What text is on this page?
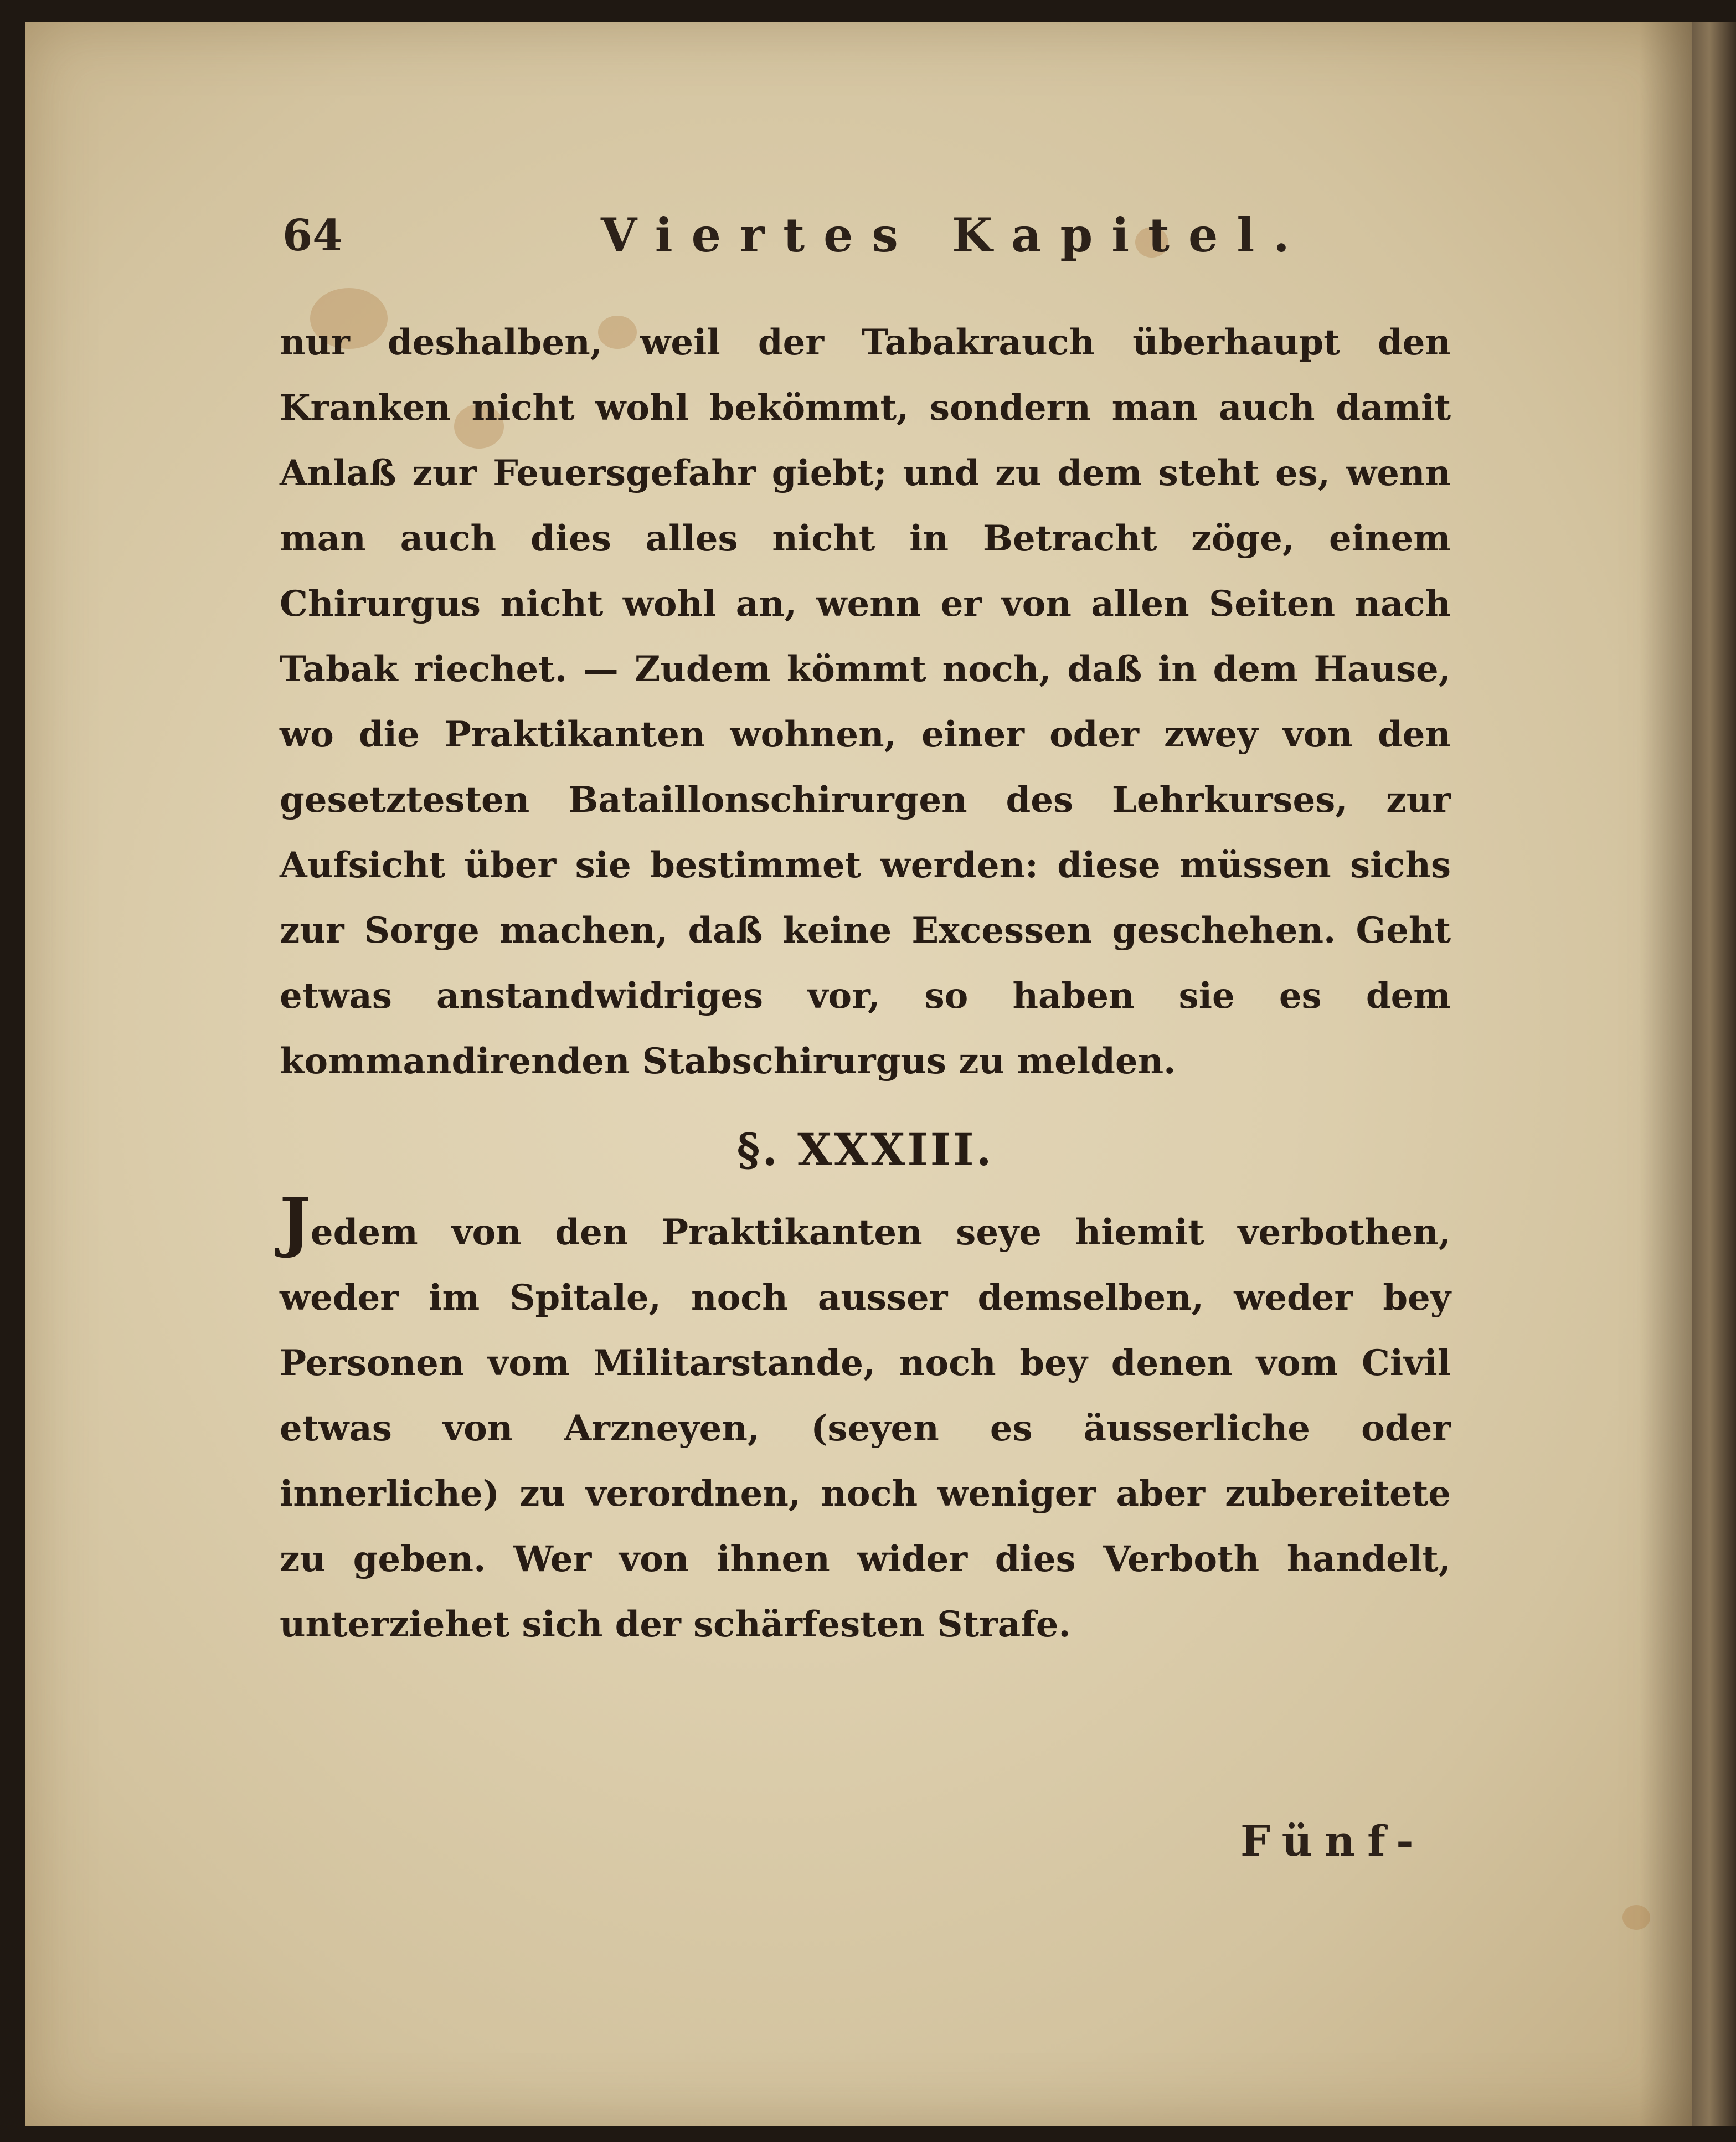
64	Viertes Kapitel.

nur deshalben, weil der Tabakrauch überhaupt den Kranken nicht wohl bekömmt, sondern man auch damit Anlaß zur Feuersgefahr giebt; und zu dem steht es, wenn man auch dies alles nicht in Betracht zöge, einem Chirurgus nicht wohl an, wenn er von allen Seiten nach Tabak riechet. — Zudem kömmt noch, daß in dem Hause, wo die Praktikanten wohnen, einer oder zwey von den gesetztesten Bataillonschirurgen des Lehrkurses, zur Aufsicht über sie bestimmet werden: diese müssen sichs zur Sorge machen, daß keine Excessen geschehen. Geht etwas anstandwidriges vor, so haben sie es dem kommandirenden Stabschirurgus zu melden.

§. XXXIII.

Jedem von den Praktikanten seye hiemit verbothen, weder im Spitale, noch ausser demselben, weder bey Personen vom Militarstande, noch bey denen vom Civil etwas von Arzneyen, (seyen es äusserliche oder innerliche) zu verordnen, noch weniger aber zubereitete zu geben. Wer von ihnen wider dies Verboth handelt, unterziehet sich der schärfesten Strafe.

Fünf-
